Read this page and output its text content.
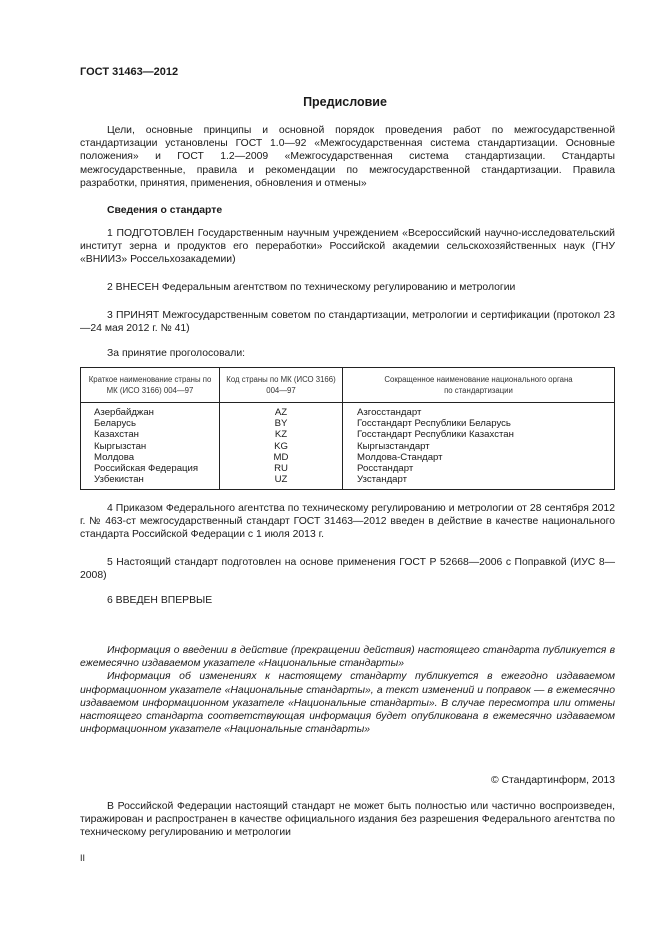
ГОСТ 31463—2012
Предисловие

Цели, основные принципы и основной порядок проведения работ по межгосударственной стандартизации установлены ГОСТ 1.0—92 «Межгосударственная система стандартизации. Основные положения» и ГОСТ 1.2—2009 «Межгосударственная система стандартизации. Стандарты межгосударственные, правила и рекомендации по межгосударственной стандартизации. Правила разработки, принятия, применения, обновления и отмены»

Сведения о стандарте

1 ПОДГОТОВЛЕН Государственным научным учреждением «Всероссийский научно-исследовательский институт зерна и продуктов его переработки» Российской академии сельскохозяйственных наук (ГНУ «ВНИИЗ» Россельхозакадемии)

2 ВНЕСЕН Федеральным агентством по техническому регулированию и метрологии

3 ПРИНЯТ Межгосударственным советом по стандартизации, метрологии и сертификации (протокол 23—24 мая 2012 г. № 41)

За принятие проголосовали:

Краткое наименование страны по МК (ИСО 3166) 004—97	Код страны по МК (ИСО 3166) 004—97	Сокращенное наименование национального органа по стандартизации
Азербайджан	AZ	Азгосстандарт
Беларусь	BY	Госстандарт Республики Беларусь
Казахстан	KZ	Госстандарт Республики Казахстан
Кыргызстан	KG	Кыргызстандарт
Молдова	MD	Молдова-Стандарт
Российская Федерация	RU	Росстандарт
Узбекистан	UZ	Узстандарт

4 Приказом Федерального агентства по техническому регулированию и метрологии от 28 сентября 2012 г. № 463-ст межгосударственный стандарт ГОСТ 31463—2012 введен в действие в качестве национального стандарта Российской Федерации с 1 июля 2013 г.

5 Настоящий стандарт подготовлен на основе применения ГОСТ Р 52668—2006 с Поправкой (ИУС 8—2008)

6 ВВЕДЕН ВПЕРВЫЕ

Информация о введении в действие (прекращении действия) настоящего стандарта публикуется в ежемесячно издаваемом указателе «Национальные стандарты»

Информация об изменениях к настоящему стандарту публикуется в ежегодно издаваемом информационном указателе «Национальные стандарты», а текст изменений и поправок — в ежемесячно издаваемом информационном указателе «Национальные стандарты». В случае пересмотра или отмены настоящего стандарта соответствующая информация будет опубликована в ежемесячно издаваемом информационном указателе «Национальные стандарты»

© Стандартинформ, 2013

В Российской Федерации настоящий стандарт не может быть полностью или частично воспроизведен, тиражирован и распространен в качестве официального издания без разрешения Федерального агентства по техническому регулированию и метрологии

II
